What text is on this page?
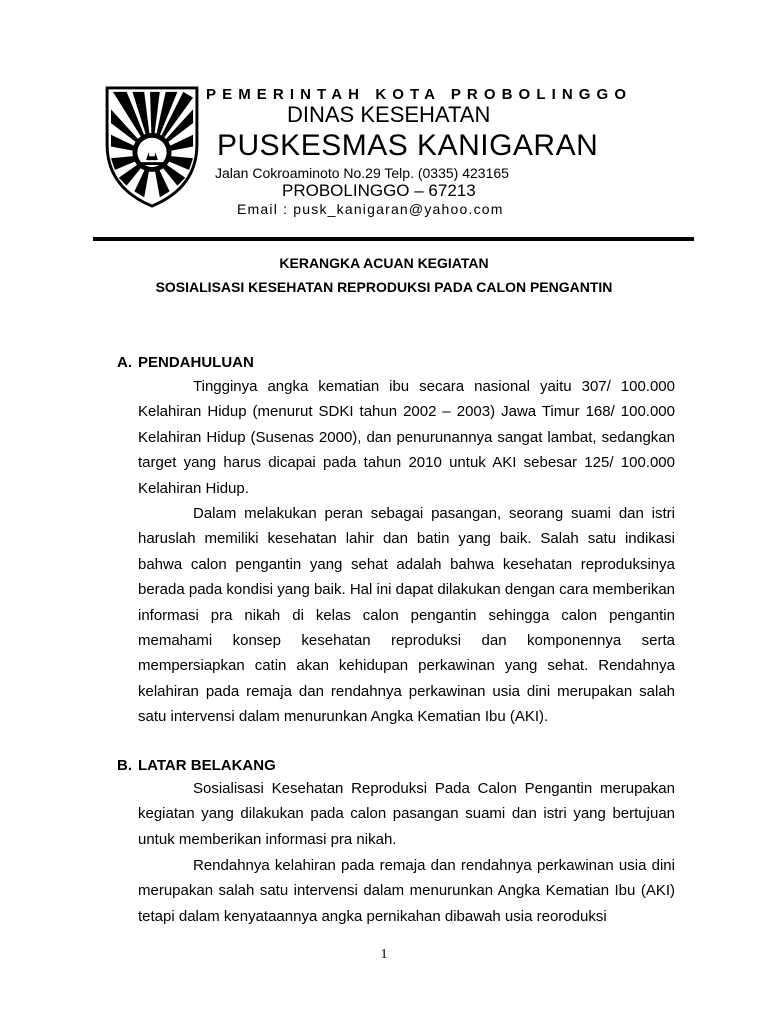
PEMERINTAH KOTA PROBOLINGGO
DINAS KESEHATAN
PUSKESMAS KANIGARAN
Jalan Cokroaminoto No.29 Telp. (0335) 423165
PROBOLINGGO – 67213
Email : pusk_kanigaran@yahoo.com
KERANGKA ACUAN KEGIATAN
SOSIALISASI KESEHATAN REPRODUKSI PADA CALON PENGANTIN
A. PENDAHULUAN

Tingginya angka kematian ibu secara nasional yaitu 307/ 100.000 Kelahiran Hidup (menurut SDKI tahun 2002 – 2003) Jawa Timur 168/ 100.000 Kelahiran Hidup (Susenas 2000), dan penurunannya sangat lambat, sedangkan target yang harus dicapai pada tahun 2010 untuk AKI sebesar 125/ 100.000 Kelahiran Hidup.

Dalam melakukan peran sebagai pasangan, seorang suami dan istri haruslah memiliki kesehatan lahir dan batin yang baik. Salah satu indikasi bahwa calon pengantin yang sehat adalah bahwa kesehatan reproduksinya berada pada kondisi yang baik. Hal ini dapat dilakukan dengan cara memberikan informasi pra nikah di kelas calon pengantin sehingga calon pengantin memahami konsep kesehatan reproduksi dan komponennya serta mempersiapkan catin akan kehidupan perkawinan yang sehat. Rendahnya kelahiran pada remaja dan rendahnya perkawinan usia dini merupakan salah satu intervensi dalam menurunkan Angka Kematian Ibu (AKI).

B. LATAR BELAKANG

Sosialisasi Kesehatan Reproduksi Pada Calon Pengantin merupakan kegiatan yang dilakukan pada calon pasangan suami dan istri yang bertujuan untuk memberikan informasi pra nikah.

Rendahnya kelahiran pada remaja dan rendahnya perkawinan usia dini merupakan salah satu intervensi dalam menurunkan Angka Kematian Ibu (AKI) tetapi dalam kenyataannya angka pernikahan dibawah usia reoroduksi

1
